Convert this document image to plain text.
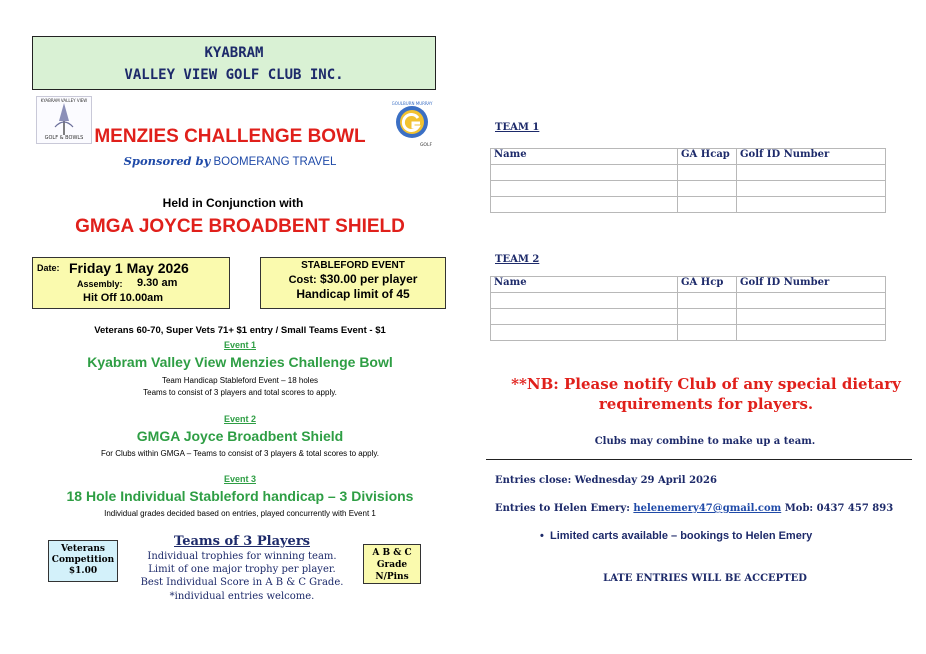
KYABRAM
VALLEY VIEW GOLF CLUB INC.
GOLF & BOWLS
KYABRAM VALLEY VIEW
GOULBURN MURRAY
GOLF
MENZIES CHALLENGE BOWL
Sponsored by BOOMERANG TRAVEL
Held in Conjunction with
GMGA JOYCE BROADBENT SHIELD
Date: Friday 1 May 2026
Assembly: 9.30 am
Hit Off 10.00am
STABLEFORD EVENT
Cost: $30.00 per player
Handicap limit of 45
Veterans 60-70, Super Vets 71+ $1 entry / Small Teams Event - $1
Event 1
Kyabram Valley View Menzies Challenge Bowl
Team Handicap Stableford Event – 18 holes
Teams to consist of 3 players and total scores to apply.
Event 2
GMGA Joyce Broadbent Shield
For Clubs within GMGA – Teams to consist of 3 players & total scores to apply.
Event 3
18 Hole Individual Stableford handicap – 3 Divisions
Individual grades decided based on entries, played concurrently with Event 1
Veterans
Competition
$1.00
Teams of 3 Players
Individual trophies for winning team.
Limit of one major trophy per player.
Best Individual Score in A B & C Grade.
*individual entries welcome.
A B & C
Grade
N/Pins
TEAM 1
Name	GA Hcap	Golf ID Number

TEAM 2
Name	GA Hcp	Golf ID Number

**NB: Please notify Club of any special dietary
requirements for players.
Clubs may combine to make up a team.
Entries close: Wednesday 29 April 2026
Entries to Helen Emery: helenemery47@gmail.com Mob: 0437 457 893
•  Limited carts available – bookings to Helen Emery
LATE ENTRIES WILL BE ACCEPTED
